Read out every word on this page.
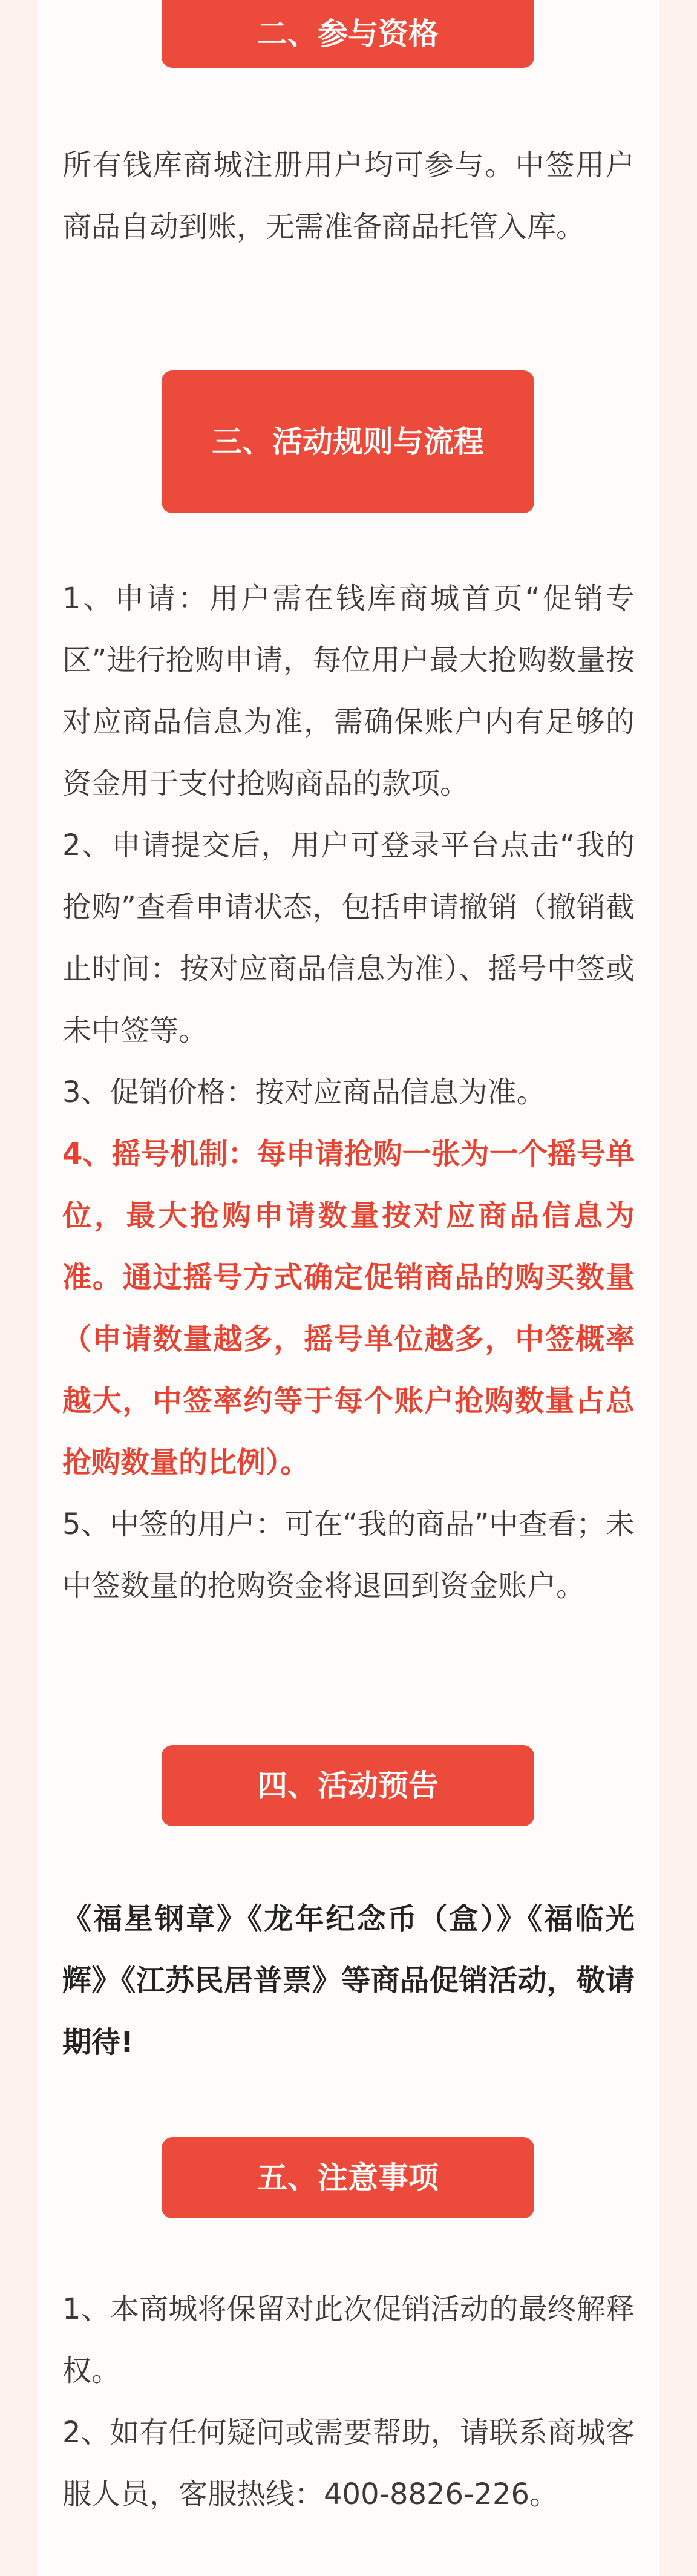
二、参与资格

所有钱库商城注册用户均可参与。中签用户商品自动到账，无需准备商品托管入库。

三、活动规则与流程

1、申请：用户需在钱库商城首页“促销专区”进行抢购申请，每位用户最大抢购数量按对应商品信息为准，需确保账户内有足够的资金用于支付抢购商品的款项。

2、申请提交后，用户可登录平台点击“我的抢购”查看申请状态，包括申请撤销（撤销截止时间：按对应商品信息为准）、摇号中签或未中签等。

3、促销价格：按对应商品信息为准。

4、摇号机制：每申请抢购一张为一个摇号单位，最大抢购申请数量按对应商品信息为准。通过摇号方式确定促销商品的购买数量（申请数量越多，摇号单位越多，中签概率越大，中签率约等于每个账户抢购数量占总抢购数量的比例）。

5、中签的用户：可在“我的商品”中查看；未中签数量的抢购资金将退回到资金账户。

四、活动预告

《福星钢章》《龙年纪念币（盒）》《福临光辉》《江苏民居普票》等商品促销活动，敬请期待!

五、注意事项

1、本商城将保留对此次促销活动的最终解释权。

2、如有任何疑问或需要帮助，请联系商城客服人员，客服热线：400-8826-226。
